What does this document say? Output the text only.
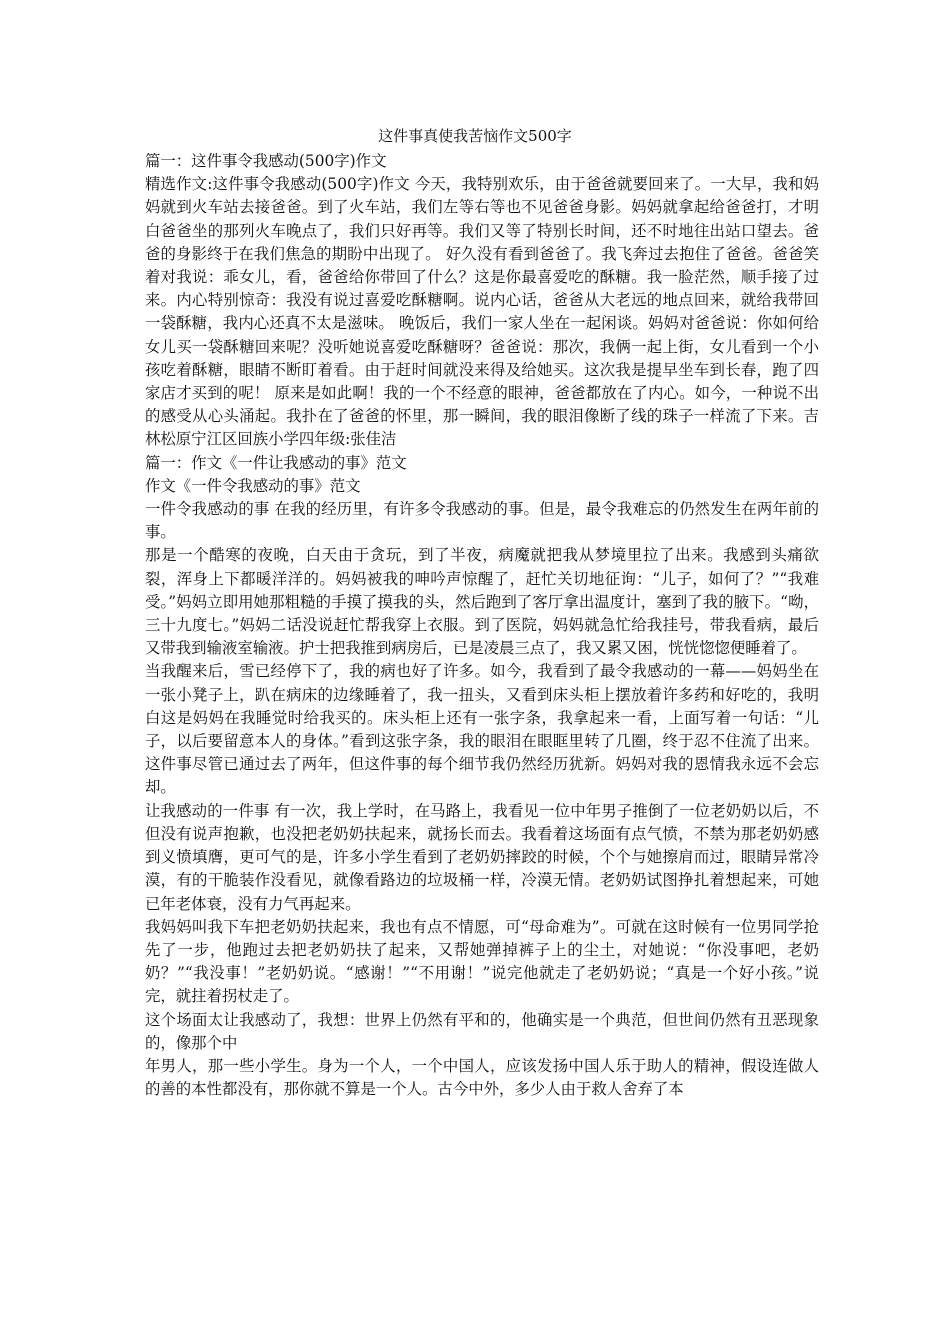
这件事真使我苦恼作文500字

篇一：这件事令我感动(500字)作文

精选作文:这件事令我感动(500字)作文 今天，我特别欢乐，由于爸爸就要回来了。一大早，我和妈妈就到火车站去接爸爸。到了火车站，我们左等右等也不见爸爸身影。妈妈就拿起给爸爸打，才明白爸爸坐的那列火车晚点了，我们只好再等。我们又等了特别长时间，还不时地往出站口望去。爸爸的身影终于在我们焦急的期盼中出现了。 好久没有看到爸爸了。我飞奔过去抱住了爸爸。爸爸笑着对我说：乖女儿，看，爸爸给你带回了什么？这是你最喜爱吃的酥糖。我一脸茫然，顺手接了过来。内心特别惊奇：我没有说过喜爱吃酥糖啊。说内心话，爸爸从大老远的地点回来，就给我带回一袋酥糖，我内心还真不太是滋味。 晚饭后，我们一家人坐在一起闲谈。妈妈对爸爸说：你如何给女儿买一袋酥糖回来呢？没听她说喜爱吃酥糖呀？爸爸说：那次，我俩一起上街，女儿看到一个小孩吃着酥糖，眼睛不断盯着看。由于赶时间就没来得及给她买。这次我是提早坐车到长春，跑了四家店才买到的呢！ 原来是如此啊！我的一个不经意的眼神，爸爸都放在了内心。如今，一种说不出的感受从心头涌起。我扑在了爸爸的怀里，那一瞬间，我的眼泪像断了线的珠子一样流了下来。吉林松原宁江区回族小学四年级:张佳洁

篇一：作文《一件让我感动的事》范文

作文《一件令我感动的事》范文

一件令我感动的事 在我的经历里，有许多令我感动的事。但是，最令我难忘的仍然发生在两年前的事。

那是一个酷寒的夜晚，白天由于贪玩，到了半夜，病魔就把我从梦境里拉了出来。我感到头痛欲裂，浑身上下都暖洋洋的。妈妈被我的呻吟声惊醒了，赶忙关切地征询：“儿子，如何了？”“我难受。”妈妈立即用她那粗糙的手摸了摸我的头，然后跑到了客厅拿出温度计，塞到了我的腋下。“呦，三十九度七。”妈妈二话没说赶忙帮我穿上衣服。到了医院，妈妈就急忙给我挂号，带我看病，最后又带我到输液室输液。护士把我推到病房后，已是凌晨三点了，我又累又困，恍恍惚惚便睡着了。

当我醒来后，雪已经停下了，我的病也好了许多。如今，我看到了最令我感动的一幕——妈妈坐在一张小凳子上，趴在病床的边缘睡着了，我一扭头，又看到床头柜上摆放着许多药和好吃的，我明白这是妈妈在我睡觉时给我买的。床头柜上还有一张字条，我拿起来一看，上面写着一句话：“儿子，以后要留意本人的身体。”看到这张字条，我的眼泪在眼眶里转了几圈，终于忍不住流了出来。 这件事尽管已通过去了两年，但这件事的每个细节我仍然经历犹新。妈妈对我的恩情我永远不会忘却。

让我感动的一件事 有一次，我上学时，在马路上，我看见一位中年男子推倒了一位老奶奶以后，不但没有说声抱歉，也没把老奶奶扶起来，就扬长而去。我看着这场面有点气愤，不禁为那老奶奶感到义愤填膺，更可气的是，许多小学生看到了老奶奶摔跤的时候，个个与她擦肩而过，眼睛异常冷漠，有的干脆装作没看见，就像看路边的垃圾桶一样，冷漠无情。老奶奶试图挣扎着想起来，可她已年老体衰，没有力气再起来。

我妈妈叫我下车把老奶奶扶起来，我也有点不情愿，可“母命难为”。可就在这时候有一位男同学抢先了一步，他跑过去把老奶奶扶了起来，又帮她弹掉裤子上的尘土，对她说：“你没事吧，老奶奶？”“我没事！”老奶奶说。“感谢！”“不用谢！”说完他就走了老奶奶说；“真是一个好小孩。”说完，就拄着拐杖走了。

这个场面太让我感动了，我想：世界上仍然有平和的，他确实是一个典范，但世间仍然有丑恶现象的，像那个中

年男人，那一些小学生。身为一个人，一个中国人，应该发扬中国人乐于助人的精神，假设连做人的善的本性都没有，那你就不算是一个人。古今中外，多少人由于救人舍弃了本
